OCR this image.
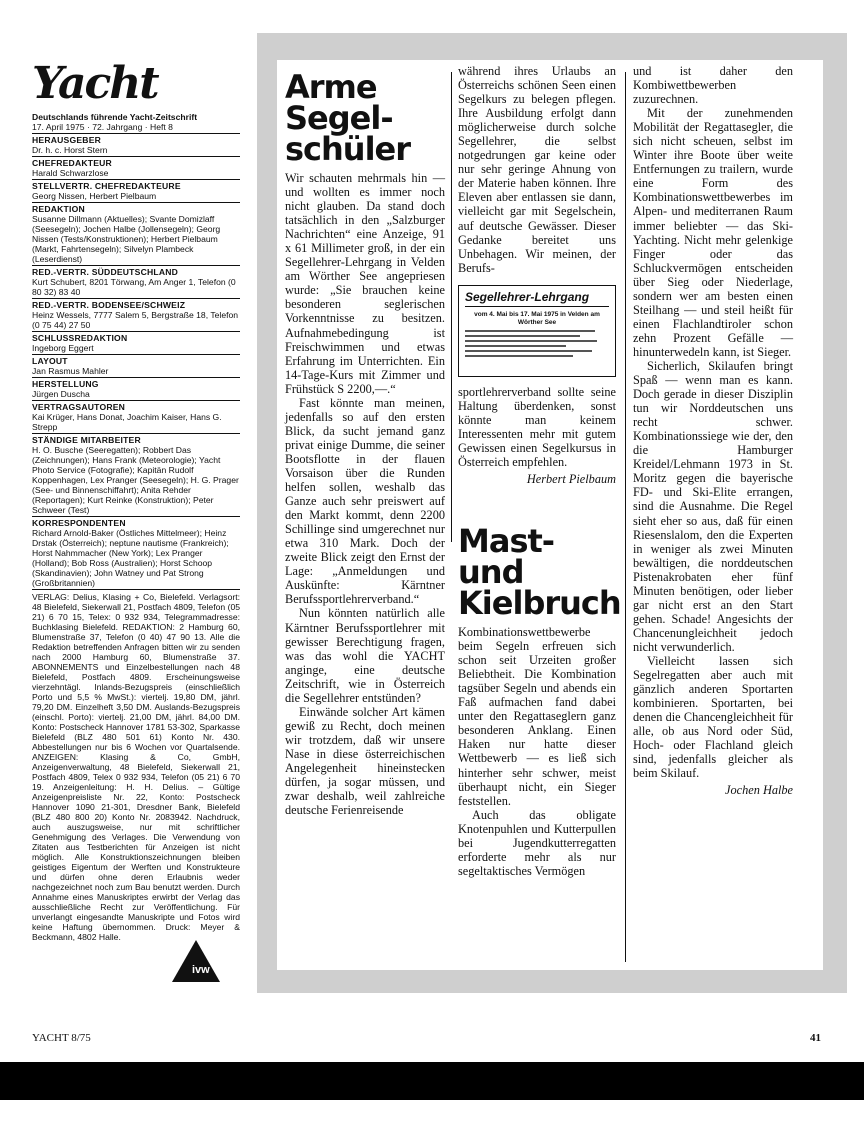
Yacht
Deutschlands führende Yacht-Zeitschrift
17. April 1975 · 72. Jahrgang · Heft 8
HERAUSGEBER
Dr. h. c. Horst Stern
CHEFREDAKTEUR
Harald Schwarzlose
STELLVERTR. CHEFREDAKTEURE
Georg Nissen, Herbert Pielbaum
REDAKTION
Susanne Dillmann (Aktuelles); Svante Domizlaff (Seesegeln); Jochen Halbe (Jollensegeln); Georg Nissen (Tests/Konstruktionen); Herbert Pielbaum (Markt, Fahrtensegeln); Silvelyn Plambeck (Leserdienst)
RED.-VERTR. SÜDDEUTSCHLAND
Kurt Schubert, 8201 Törwang, Am Anger 1, Telefon (0 80 32) 83 40
RED.-VERTR. BODENSEE/SCHWEIZ
Heinz Wessels, 7777 Salem 5, Bergstraße 18, Telefon (0 75 44) 27 50
SCHLUSSREDAKTION
Ingeborg Eggert
LAYOUT
Jan Rasmus Mahler
HERSTELLUNG
Jürgen Duscha
VERTRAGSAUTOREN
Kai Krüger, Hans Donat, Joachim Kaiser, Hans G. Strepp
STÄNDIGE MITARBEITER
H. O. Busche (Seeregatten); Robbert Das (Zeichnungen); Hans Frank (Meteorologie); Yacht Photo Service (Fotografie); Kapitän Rudolf Koppenhagen, Lex Pranger (Seesegeln); H. G. Prager (See- und Binnenschiffahrt); Anita Rehder (Reportagen); Kurt Reinke (Konstruktion); Peter Schweer (Test)
KORRESPONDENTEN
Richard Arnold-Baker (Östliches Mittelmeer); Heinz Drstak (Österreich); neptune nautisme (Frankreich); Horst Nahmmacher (New York); Lex Pranger (Holland); Bob Ross (Australien); Horst Schoop (Skandinavien); John Watney und Pat Strong (Großbritannien)
VERLAG: Delius, Klasing + Co, Bielefeld. Verlagsort: 48 Bielefeld, Siekerwall 21, Postfach 4809, Telefon (05 21) 6 70 15, Telex: 0 932 934, Telegrammadresse: Buchklasing Bielefeld. REDAKTION: 2 Hamburg 60, Blumenstraße 37, Telefon (0 40) 47 90 13. Alle die Redaktion betreffenden Anfragen bitten wir zu senden nach 2000 Hamburg 60, Blumenstraße 37. ABONNEMENTS und Einzelbestellungen nach 48 Bielefeld, Postfach 4809. Erscheinungsweise vierzehntägl. Inlands-Bezugspreis (einschließlich Porto und 5,5 % MwSt.): viertelj. 19,80 DM, jährl. 79,20 DM. Einzelheft 3,50 DM. Auslands-Bezugspreis (einschl. Porto): viertelj. 21,00 DM, jährl. 84,00 DM. Konto: Postscheck Hannover 1781 53-302, Sparkasse Bielefeld (BLZ 480 501 61) Konto Nr. 430. Abbestellungen nur bis 6 Wochen vor Quartalsende. ANZEIGEN: Klasing & Co, GmbH, Anzeigenverwaltung, 48 Bielefeld, Siekerwall 21, Postfach 4809, Telex 0 932 934, Telefon (05 21) 6 70 19. Anzeigenleitung: H. H. Delius. – Gültige Anzeigenpreisliste Nr. 22, Konto: Postscheck Hannover 1090 21-301, Dresdner Bank, Bielefeld (BLZ 480 800 20) Konto Nr. 2083942. Nachdruck, auch auszugsweise, nur mit schriftlicher Genehmigung des Verlages. Die Verwendung von Zitaten aus Testberichten für Anzeigen ist nicht möglich. Alle Konstruktionszeichnungen bleiben geistiges Eigentum der Werften und Konstrukteure und dürfen ohne deren Erlaubnis weder nachgezeichnet noch zum Bau benutzt werden. Durch Annahme eines Manuskriptes erwirbt der Verlag das ausschließliche Recht zur Veröffentlichung. Für unverlangt eingesandte Manuskripte und Fotos wird keine Haftung übernommen. Druck: Meyer & Beckmann, 4802 Halle.
ivw
Arme Segel-schüler

Wir schauten mehrmals hin — und wollten es immer noch nicht glauben. Da stand doch tatsächlich in den „Salzburger Nachrichten“ eine Anzeige, 91 x 61 Millimeter groß, in der ein Segellehrer-Lehrgang in Velden am Wörther See angepriesen wurde: „Sie brauchen keine besonderen seglerischen Vorkenntnisse zu besitzen. Aufnahmebedingung ist Freischwimmen und etwas Erfahrung im Unterrichten. Ein 14-Tage-Kurs mit Zimmer und Frühstück S 2200,—.“

Fast könnte man meinen, jedenfalls so auf den ersten Blick, da sucht jemand ganz privat einige Dumme, die seiner Bootsflotte in der flauen Vorsaison über die Runden helfen sollen, weshalb das Ganze auch sehr preiswert auf den Markt kommt, denn 2200 Schillinge sind umgerechnet nur etwa 310 Mark. Doch der zweite Blick zeigt den Ernst der Lage: „Anmeldungen und Auskünfte: Kärntner Berufssportlehrerverband.“

Nun könnten natürlich alle Kärntner Berufssportlehrer mit gewisser Berechtigung fragen, was das wohl die YACHT anginge, eine deutsche Zeitschrift, wie in Österreich die Segellehrer entstünden?

Einwände solcher Art kämen gewiß zu Recht, doch meinen wir trotzdem, daß wir unsere Nase in diese österreichischen Angelegenheit hineinstecken dürfen, ja sogar müssen, und zwar deshalb, weil zahlreiche deutsche Ferienreisende

während ihres Urlaubs an Österreichs schönen Seen einen Segelkurs zu belegen pflegen. Ihre Ausbildung erfolgt dann möglicherweise durch solche Segellehrer, die selbst notgedrungen gar keine oder nur sehr geringe Ahnung von der Materie haben können. Ihre Eleven aber entlassen sie dann, vielleicht gar mit Segelschein, auf deutsche Gewässer. Dieser Gedanke bereitet uns Unbehagen. Wir meinen, der Berufs-

Segellehrer-Lehrgang
vom 4. Mai bis 17. Mai 1975 in Velden am Wörther See

sportlehrerverband sollte seine Haltung überdenken, sonst könnte man keinem Interessenten mehr mit gutem Gewissen einen Segelkursus in Österreich empfehlen.

Herbert Pielbaum

Mast-und Kielbruch

Kombinationswettbewerbe beim Segeln erfreuen sich schon seit Urzeiten großer Beliebtheit. Die Kombination tagsüber Segeln und abends ein Faß aufmachen fand dabei unter den Regattaseglern ganz besonderen Anklang. Einen Haken nur hatte dieser Wettbewerb — es ließ sich hinterher sehr schwer, meist überhaupt nicht, ein Sieger feststellen.

Auch das obligate Knotenpuhlen und Kutterpullen bei Jugendkutterregatten erforderte mehr als nur segeltaktisches Vermögen

und ist daher den Kombiwettbewerben zuzurechnen.

Mit der zunehmenden Mobilität der Regattasegler, die sich nicht scheuen, selbst im Winter ihre Boote über weite Entfernungen zu trailern, wurde eine Form des Kombinationswettbewerbes im Alpen- und mediterranen Raum immer beliebter — das Ski-Yachting. Nicht mehr gelenkige Finger oder das Schluckvermögen entscheiden über Sieg oder Niederlage, sondern wer am besten einen Steilhang — und steil heißt für einen Flachlandtiroler schon zehn Prozent Gefälle — hinunterwedeln kann, ist Sieger.

Sicherlich, Skilaufen bringt Spaß — wenn man es kann. Doch gerade in dieser Disziplin tun wir Norddeutschen uns recht schwer. Kombinationssiege wie der, den die Hamburger Kreidel/Lehmann 1973 in St. Moritz gegen die bayerische FD- und Ski-Elite errangen, sind die Ausnahme. Die Regel sieht eher so aus, daß für einen Riesenslalom, den die Experten in weniger als zwei Minuten bewältigen, die norddeutschen Pistenakrobaten eher fünf Minuten benötigen, oder lieber gar nicht erst an den Start gehen. Schade! Angesichts der Chancenungleichheit jedoch nicht verwunderlich.

Vielleicht lassen sich Segelregatten aber auch mit gänzlich anderen Sportarten kombinieren. Sportarten, bei denen die Chancengleichheit für alle, ob aus Nord oder Süd, Hoch- oder Flachland gleich sind, jedenfalls gleicher als beim Skilauf.

Jochen Halbe

YACHT 8/75	41
